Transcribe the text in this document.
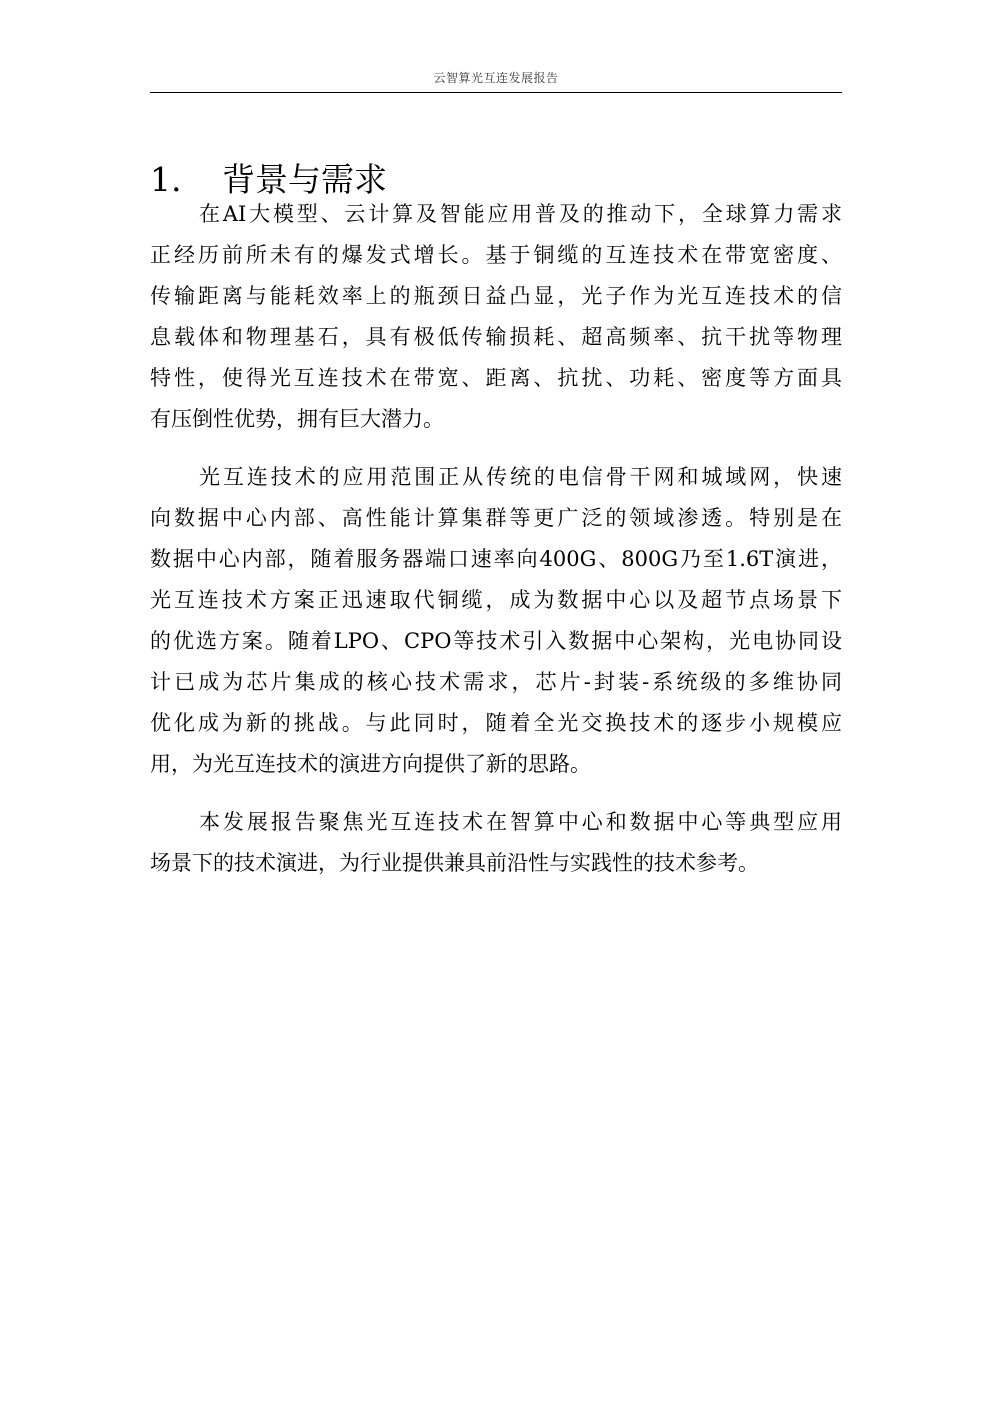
云智算光互连发展报告
1. 背景与需求
在AI大模型、云计算及智能应用普及的推动下，全球算力需求
正经历前所未有的爆发式增长。基于铜缆的互连技术在带宽密度、
传输距离与能耗效率上的瓶颈日益凸显，光子作为光互连技术的信
息载体和物理基石，具有极低传输损耗、超高频率、抗干扰等物理
特性，使得光互连技术在带宽、距离、抗扰、功耗、密度等方面具
有压倒性优势，拥有巨大潜力。
光互连技术的应用范围正从传统的电信骨干网和城域网，快速
向数据中心内部、高性能计算集群等更广泛的领域渗透。特别是在
数据中心内部，随着服务器端口速率向400G、800G乃至1.6T演进，
光互连技术方案正迅速取代铜缆，成为数据中心以及超节点场景下
的优选方案。随着LPO、CPO等技术引入数据中心架构，光电协同设
计已成为芯片集成的核心技术需求，芯片-封装-系统级的多维协同
优化成为新的挑战。与此同时，随着全光交换技术的逐步小规模应
用，为光互连技术的演进方向提供了新的思路。
本发展报告聚焦光互连技术在智算中心和数据中心等典型应用
场景下的技术演进，为行业提供兼具前沿性与实践性的技术参考。
